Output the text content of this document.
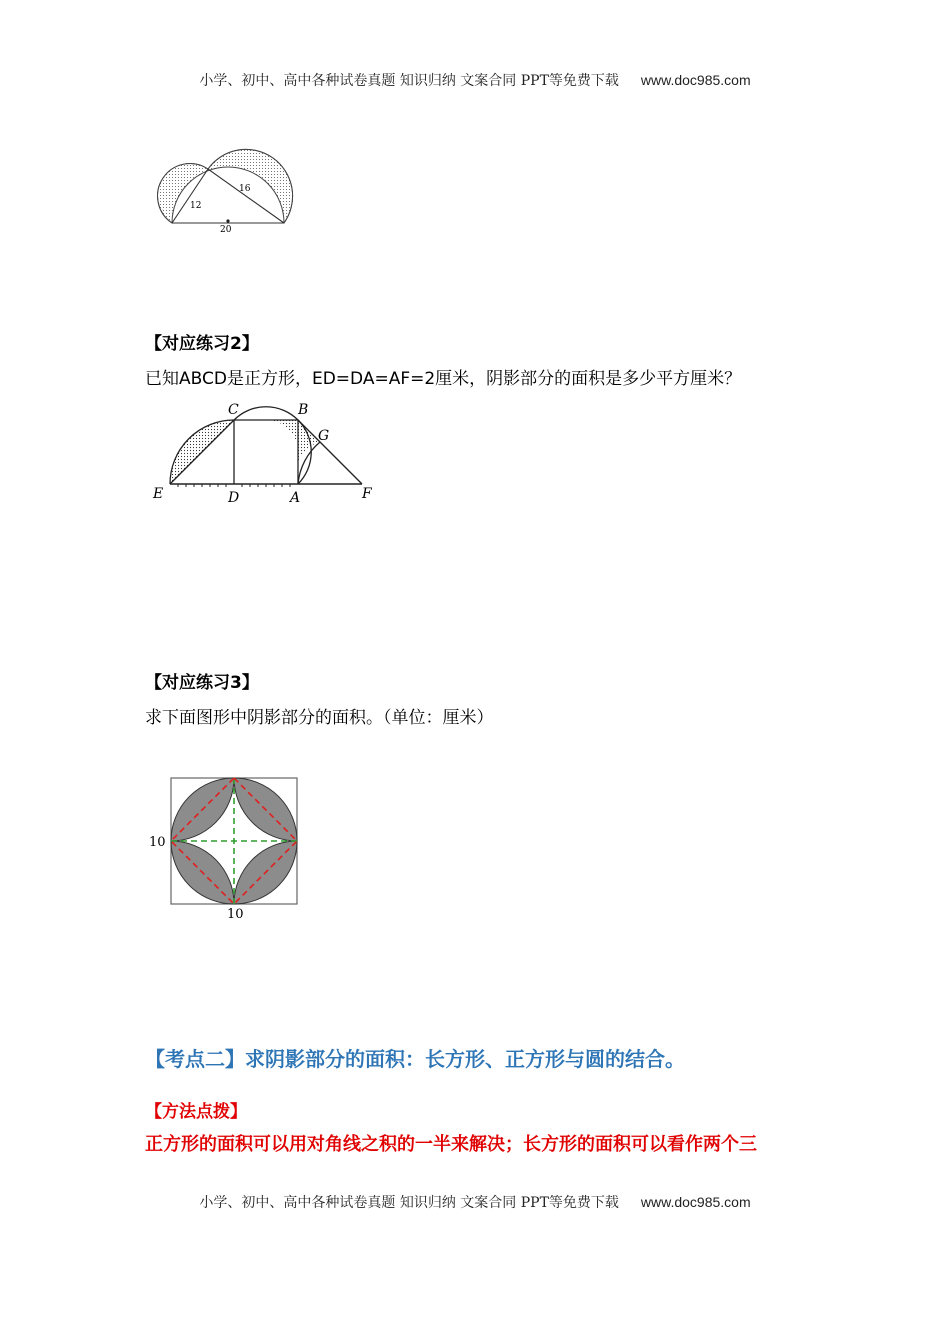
小学、初中、高中各种试卷真题 知识归纳 文案合同 PPT等免费下载 www.doc985.com
12
16
20
【对应练习2】
已知ABCD是正方形，ED=DA=AF=2厘米，阴影部分的面积是多少平方厘米？
C	B
G
E	D	A	F
【对应练习3】
求下面图形中阴影部分的面积。（单位：厘米）
10
10
【考点二】求阴影部分的面积：长方形、正方形与圆的结合。
【方法点拨】
正方形的面积可以用对角线之积的一半来解决；长方形的面积可以看作两个三
小学、初中、高中各种试卷真题 知识归纳 文案合同 PPT等免费下载 www.doc985.com
